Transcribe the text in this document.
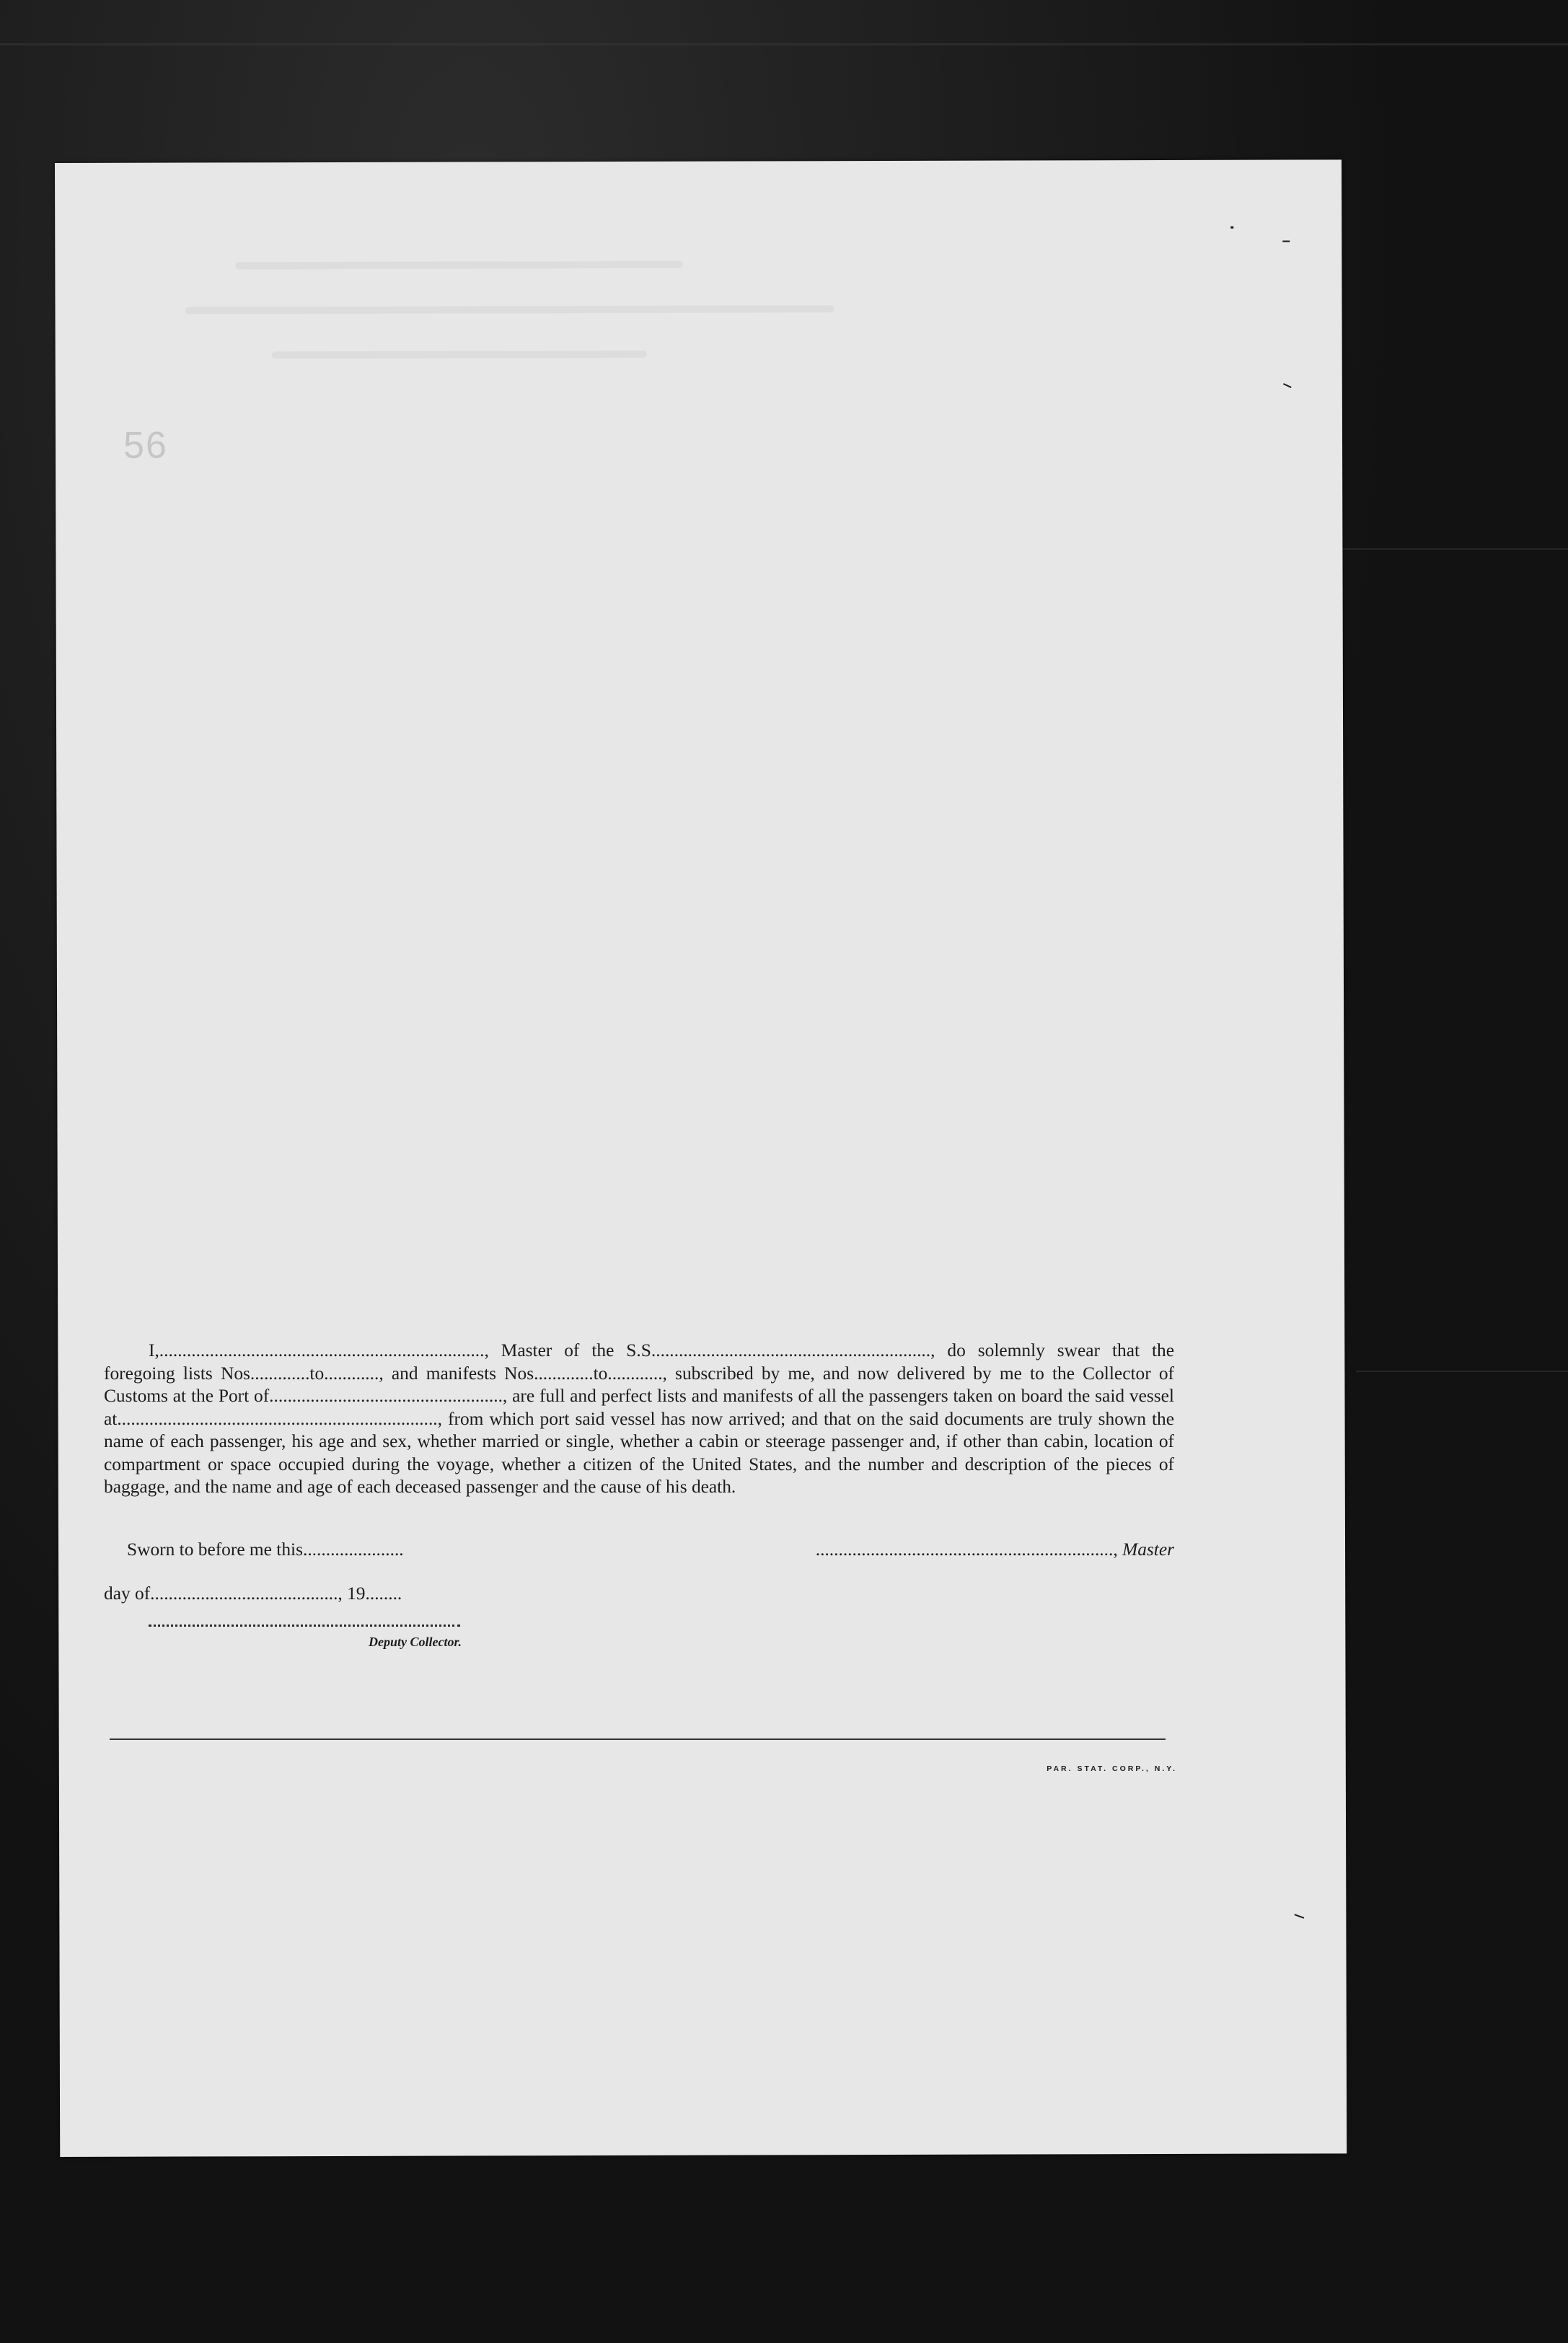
56

I,......................................................................., Master of the S.S............................................................., do solemnly swear that the foregoing lists Nos.............to............, and manifests Nos.............to............, subscribed by me, and now delivered by me to the Collector of Customs at the Port of..................................................., are full and perfect lists and manifests of all the passengers taken on board the said vessel at......................................................................, from which port said vessel has now arrived; and that on the said documents are truly shown the name of each passenger, his age and sex, whether married or single, whether a cabin or steerage passenger and, if other than cabin, location of compartment or space occupied during the voyage, whether a citizen of the United States, and the number and description of the pieces of baggage, and the name and age of each deceased passenger and the cause of his death.

Sworn to before me this......................	................................................................., Master
day of........................................., 19........
Deputy Collector.
PAR. STAT. CORP., N.Y.
